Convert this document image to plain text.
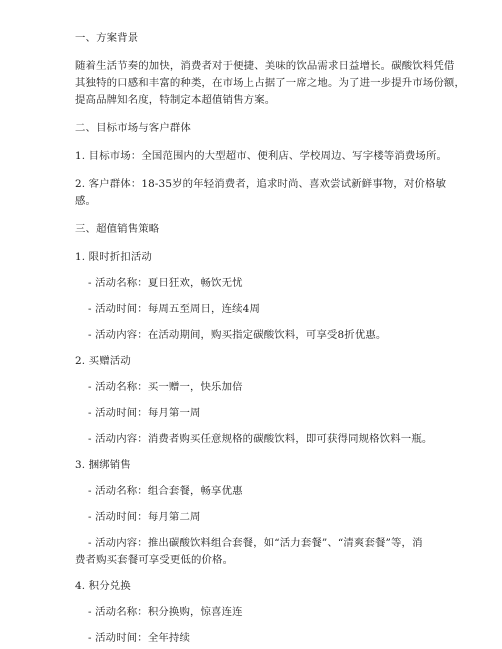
一、方案背景
随着生活节奏的加快，消费者对于便捷、美味的饮品需求日益增长。碳酸饮料凭借
其独特的口感和丰富的种类，在市场上占据了一席之地。为了进一步提升市场份额，
提高品牌知名度，特制定本超值销售方案。
二、目标市场与客户群体
1. 目标市场：全国范围内的大型超市、便利店、学校周边、写字楼等消费场所。
2. 客户群体：18-35岁的年轻消费者，追求时尚、喜欢尝试新鲜事物，对价格敏
感。
三、超值销售策略
1. 限时折扣活动
- 活动名称：夏日狂欢，畅饮无忧
- 活动时间：每周五至周日，连续4周
- 活动内容：在活动期间，购买指定碳酸饮料，可享受8折优惠。
2. 买赠活动
- 活动名称：买一赠一，快乐加倍
- 活动时间：每月第一周
- 活动内容：消费者购买任意规格的碳酸饮料，即可获得同规格饮料一瓶。
3. 捆绑销售
- 活动名称：组合套餐，畅享优惠
- 活动时间：每月第二周
- 活动内容：推出碳酸饮料组合套餐，如“活力套餐”、“清爽套餐”等，消
费者购买套餐可享受更低的价格。
4. 积分兑换
- 活动名称：积分换购，惊喜连连
- 活动时间：全年持续
